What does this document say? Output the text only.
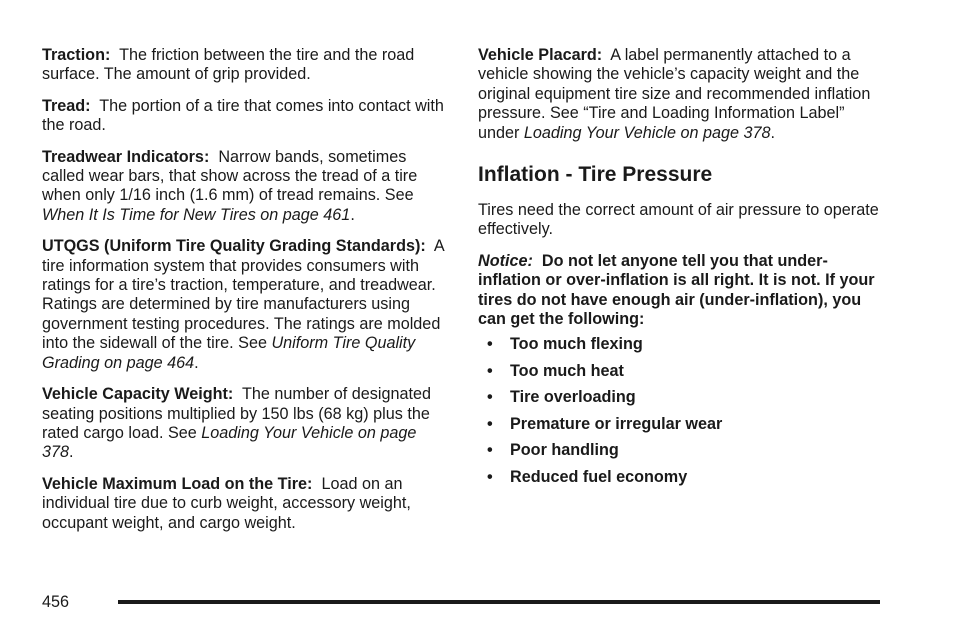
Traction: The friction between the tire and the road surface. The amount of grip provided.

Tread: The portion of a tire that comes into contact with the road.

Treadwear Indicators: Narrow bands, sometimes called wear bars, that show across the tread of a tire when only 1/16 inch (1.6 mm) of tread remains. See When It Is Time for New Tires on page 461.

UTQGS (Uniform Tire Quality Grading Standards): A tire information system that provides consumers with ratings for a tire’s traction, temperature, and treadwear. Ratings are determined by tire manufacturers using government testing procedures. The ratings are molded into the sidewall of the tire. See Uniform Tire Quality Grading on page 464.

Vehicle Capacity Weight: The number of designated seating positions multiplied by 150 lbs (68 kg) plus the rated cargo load. See Loading Your Vehicle on page 378.

Vehicle Maximum Load on the Tire: Load on an individual tire due to curb weight, accessory weight, occupant weight, and cargo weight.

Vehicle Placard: A label permanently attached to a vehicle showing the vehicle’s capacity weight and the original equipment tire size and recommended inflation pressure. See “Tire and Loading Information Label” under Loading Your Vehicle on page 378.

Inflation - Tire Pressure

Tires need the correct amount of air pressure to operate effectively.

Notice: Do not let anyone tell you that under-inflation or over-inflation is all right. It is not. If your tires do not have enough air (under-inflation), you can get the following:

• Too much flexing
• Too much heat
• Tire overloading
• Premature or irregular wear
• Poor handling
• Reduced fuel economy
456
